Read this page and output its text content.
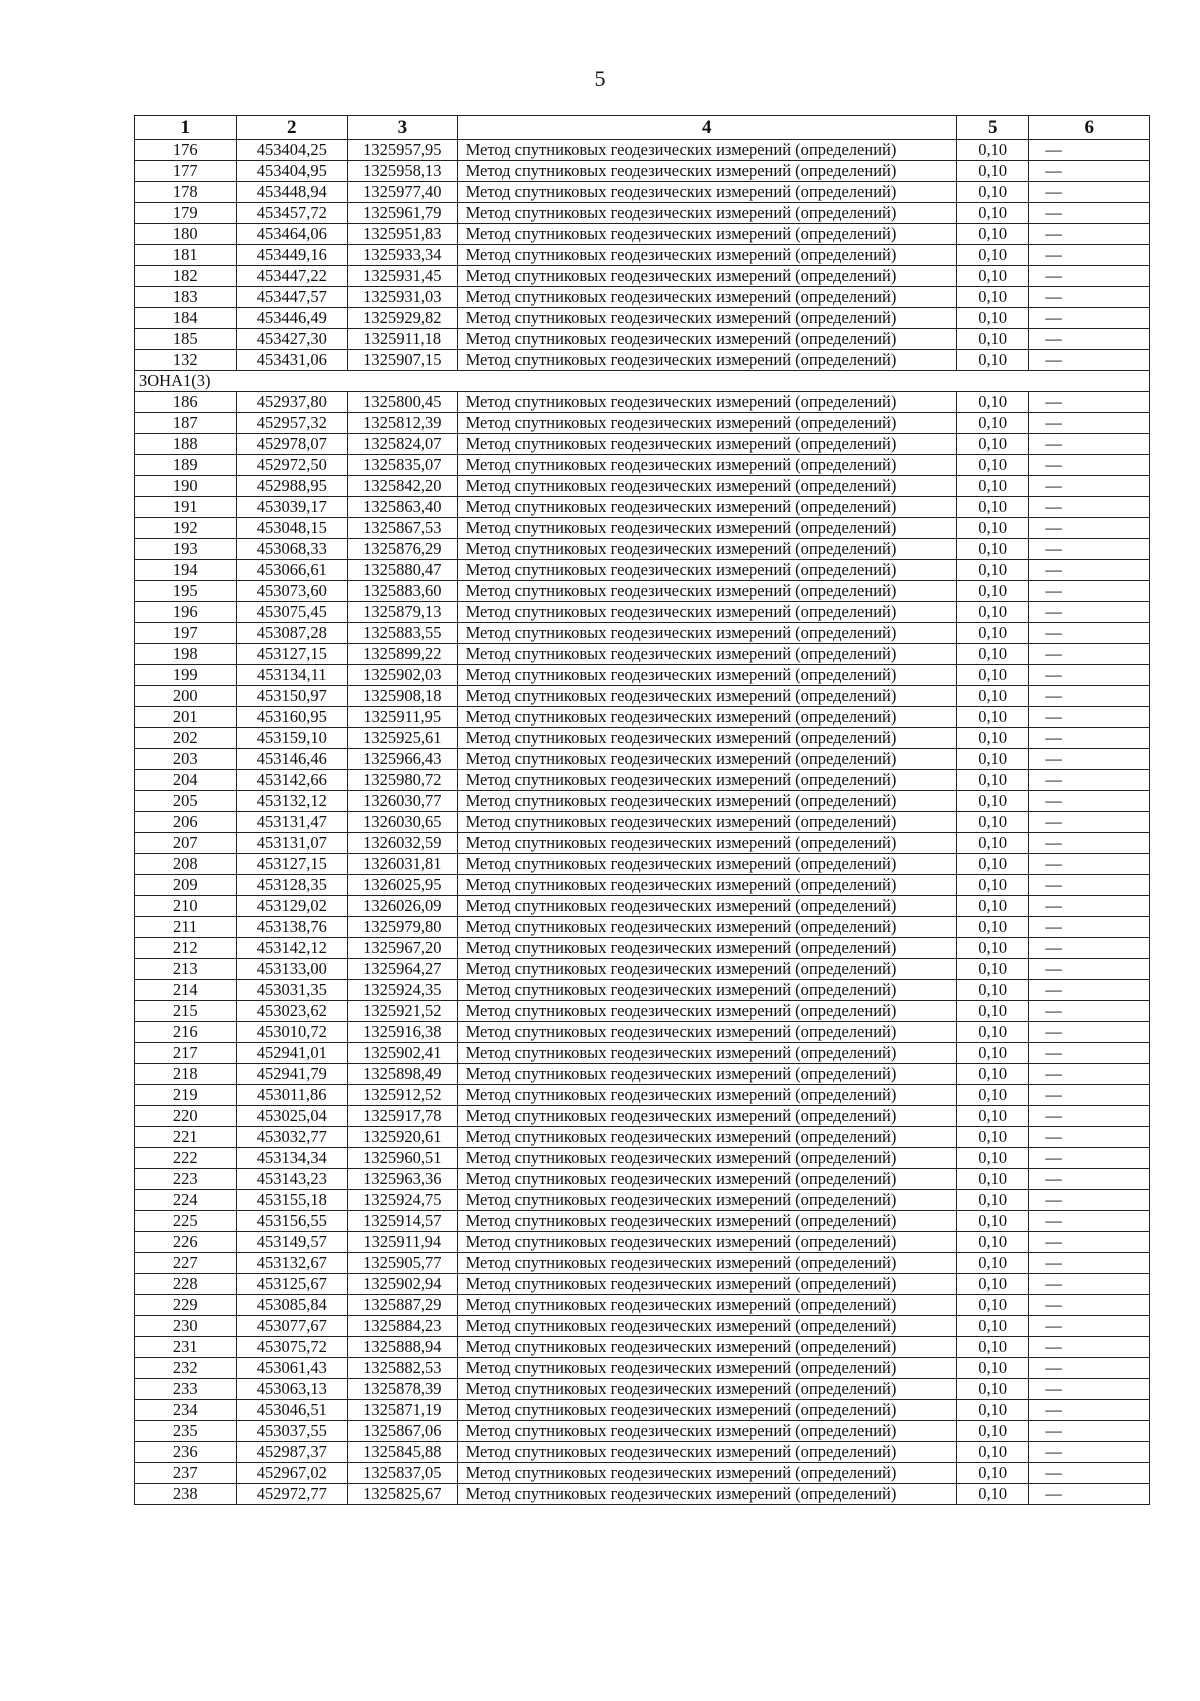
5
1	2	3	4	5	6
176	453404,25	1325957,95	Метод спутниковых геодезических измерений (определений)	0,10	—
177	453404,95	1325958,13	Метод спутниковых геодезических измерений (определений)	0,10	—
178	453448,94	1325977,40	Метод спутниковых геодезических измерений (определений)	0,10	—
179	453457,72	1325961,79	Метод спутниковых геодезических измерений (определений)	0,10	—
180	453464,06	1325951,83	Метод спутниковых геодезических измерений (определений)	0,10	—
181	453449,16	1325933,34	Метод спутниковых геодезических измерений (определений)	0,10	—
182	453447,22	1325931,45	Метод спутниковых геодезических измерений (определений)	0,10	—
183	453447,57	1325931,03	Метод спутниковых геодезических измерений (определений)	0,10	—
184	453446,49	1325929,82	Метод спутниковых геодезических измерений (определений)	0,10	—
185	453427,30	1325911,18	Метод спутниковых геодезических измерений (определений)	0,10	—
132	453431,06	1325907,15	Метод спутниковых геодезических измерений (определений)	0,10	—
ЗОНА1(3)					
186	452937,80	1325800,45	Метод спутниковых геодезических измерений (определений)	0,10	—
187	452957,32	1325812,39	Метод спутниковых геодезических измерений (определений)	0,10	—
188	452978,07	1325824,07	Метод спутниковых геодезических измерений (определений)	0,10	—
189	452972,50	1325835,07	Метод спутниковых геодезических измерений (определений)	0,10	—
190	452988,95	1325842,20	Метод спутниковых геодезических измерений (определений)	0,10	—
191	453039,17	1325863,40	Метод спутниковых геодезических измерений (определений)	0,10	—
192	453048,15	1325867,53	Метод спутниковых геодезических измерений (определений)	0,10	—
193	453068,33	1325876,29	Метод спутниковых геодезических измерений (определений)	0,10	—
194	453066,61	1325880,47	Метод спутниковых геодезических измерений (определений)	0,10	—
195	453073,60	1325883,60	Метод спутниковых геодезических измерений (определений)	0,10	—
196	453075,45	1325879,13	Метод спутниковых геодезических измерений (определений)	0,10	—
197	453087,28	1325883,55	Метод спутниковых геодезических измерений (определений)	0,10	—
198	453127,15	1325899,22	Метод спутниковых геодезических измерений (определений)	0,10	—
199	453134,11	1325902,03	Метод спутниковых геодезических измерений (определений)	0,10	—
200	453150,97	1325908,18	Метод спутниковых геодезических измерений (определений)	0,10	—
201	453160,95	1325911,95	Метод спутниковых геодезических измерений (определений)	0,10	—
202	453159,10	1325925,61	Метод спутниковых геодезических измерений (определений)	0,10	—
203	453146,46	1325966,43	Метод спутниковых геодезических измерений (определений)	0,10	—
204	453142,66	1325980,72	Метод спутниковых геодезических измерений (определений)	0,10	—
205	453132,12	1326030,77	Метод спутниковых геодезических измерений (определений)	0,10	—
206	453131,47	1326030,65	Метод спутниковых геодезических измерений (определений)	0,10	—
207	453131,07	1326032,59	Метод спутниковых геодезических измерений (определений)	0,10	—
208	453127,15	1326031,81	Метод спутниковых геодезических измерений (определений)	0,10	—
209	453128,35	1326025,95	Метод спутниковых геодезических измерений (определений)	0,10	—
210	453129,02	1326026,09	Метод спутниковых геодезических измерений (определений)	0,10	—
211	453138,76	1325979,80	Метод спутниковых геодезических измерений (определений)	0,10	—
212	453142,12	1325967,20	Метод спутниковых геодезических измерений (определений)	0,10	—
213	453133,00	1325964,27	Метод спутниковых геодезических измерений (определений)	0,10	—
214	453031,35	1325924,35	Метод спутниковых геодезических измерений (определений)	0,10	—
215	453023,62	1325921,52	Метод спутниковых геодезических измерений (определений)	0,10	—
216	453010,72	1325916,38	Метод спутниковых геодезических измерений (определений)	0,10	—
217	452941,01	1325902,41	Метод спутниковых геодезических измерений (определений)	0,10	—
218	452941,79	1325898,49	Метод спутниковых геодезических измерений (определений)	0,10	—
219	453011,86	1325912,52	Метод спутниковых геодезических измерений (определений)	0,10	—
220	453025,04	1325917,78	Метод спутниковых геодезических измерений (определений)	0,10	—
221	453032,77	1325920,61	Метод спутниковых геодезических измерений (определений)	0,10	—
222	453134,34	1325960,51	Метод спутниковых геодезических измерений (определений)	0,10	—
223	453143,23	1325963,36	Метод спутниковых геодезических измерений (определений)	0,10	—
224	453155,18	1325924,75	Метод спутниковых геодезических измерений (определений)	0,10	—
225	453156,55	1325914,57	Метод спутниковых геодезических измерений (определений)	0,10	—
226	453149,57	1325911,94	Метод спутниковых геодезических измерений (определений)	0,10	—
227	453132,67	1325905,77	Метод спутниковых геодезических измерений (определений)	0,10	—
228	453125,67	1325902,94	Метод спутниковых геодезических измерений (определений)	0,10	—
229	453085,84	1325887,29	Метод спутниковых геодезических измерений (определений)	0,10	—
230	453077,67	1325884,23	Метод спутниковых геодезических измерений (определений)	0,10	—
231	453075,72	1325888,94	Метод спутниковых геодезических измерений (определений)	0,10	—
232	453061,43	1325882,53	Метод спутниковых геодезических измерений (определений)	0,10	—
233	453063,13	1325878,39	Метод спутниковых геодезических измерений (определений)	0,10	—
234	453046,51	1325871,19	Метод спутниковых геодезических измерений (определений)	0,10	—
235	453037,55	1325867,06	Метод спутниковых геодезических измерений (определений)	0,10	—
236	452987,37	1325845,88	Метод спутниковых геодезических измерений (определений)	0,10	—
237	452967,02	1325837,05	Метод спутниковых геодезических измерений (определений)	0,10	—
238	452972,77	1325825,67	Метод спутниковых геодезических измерений (определений)	0,10	—
